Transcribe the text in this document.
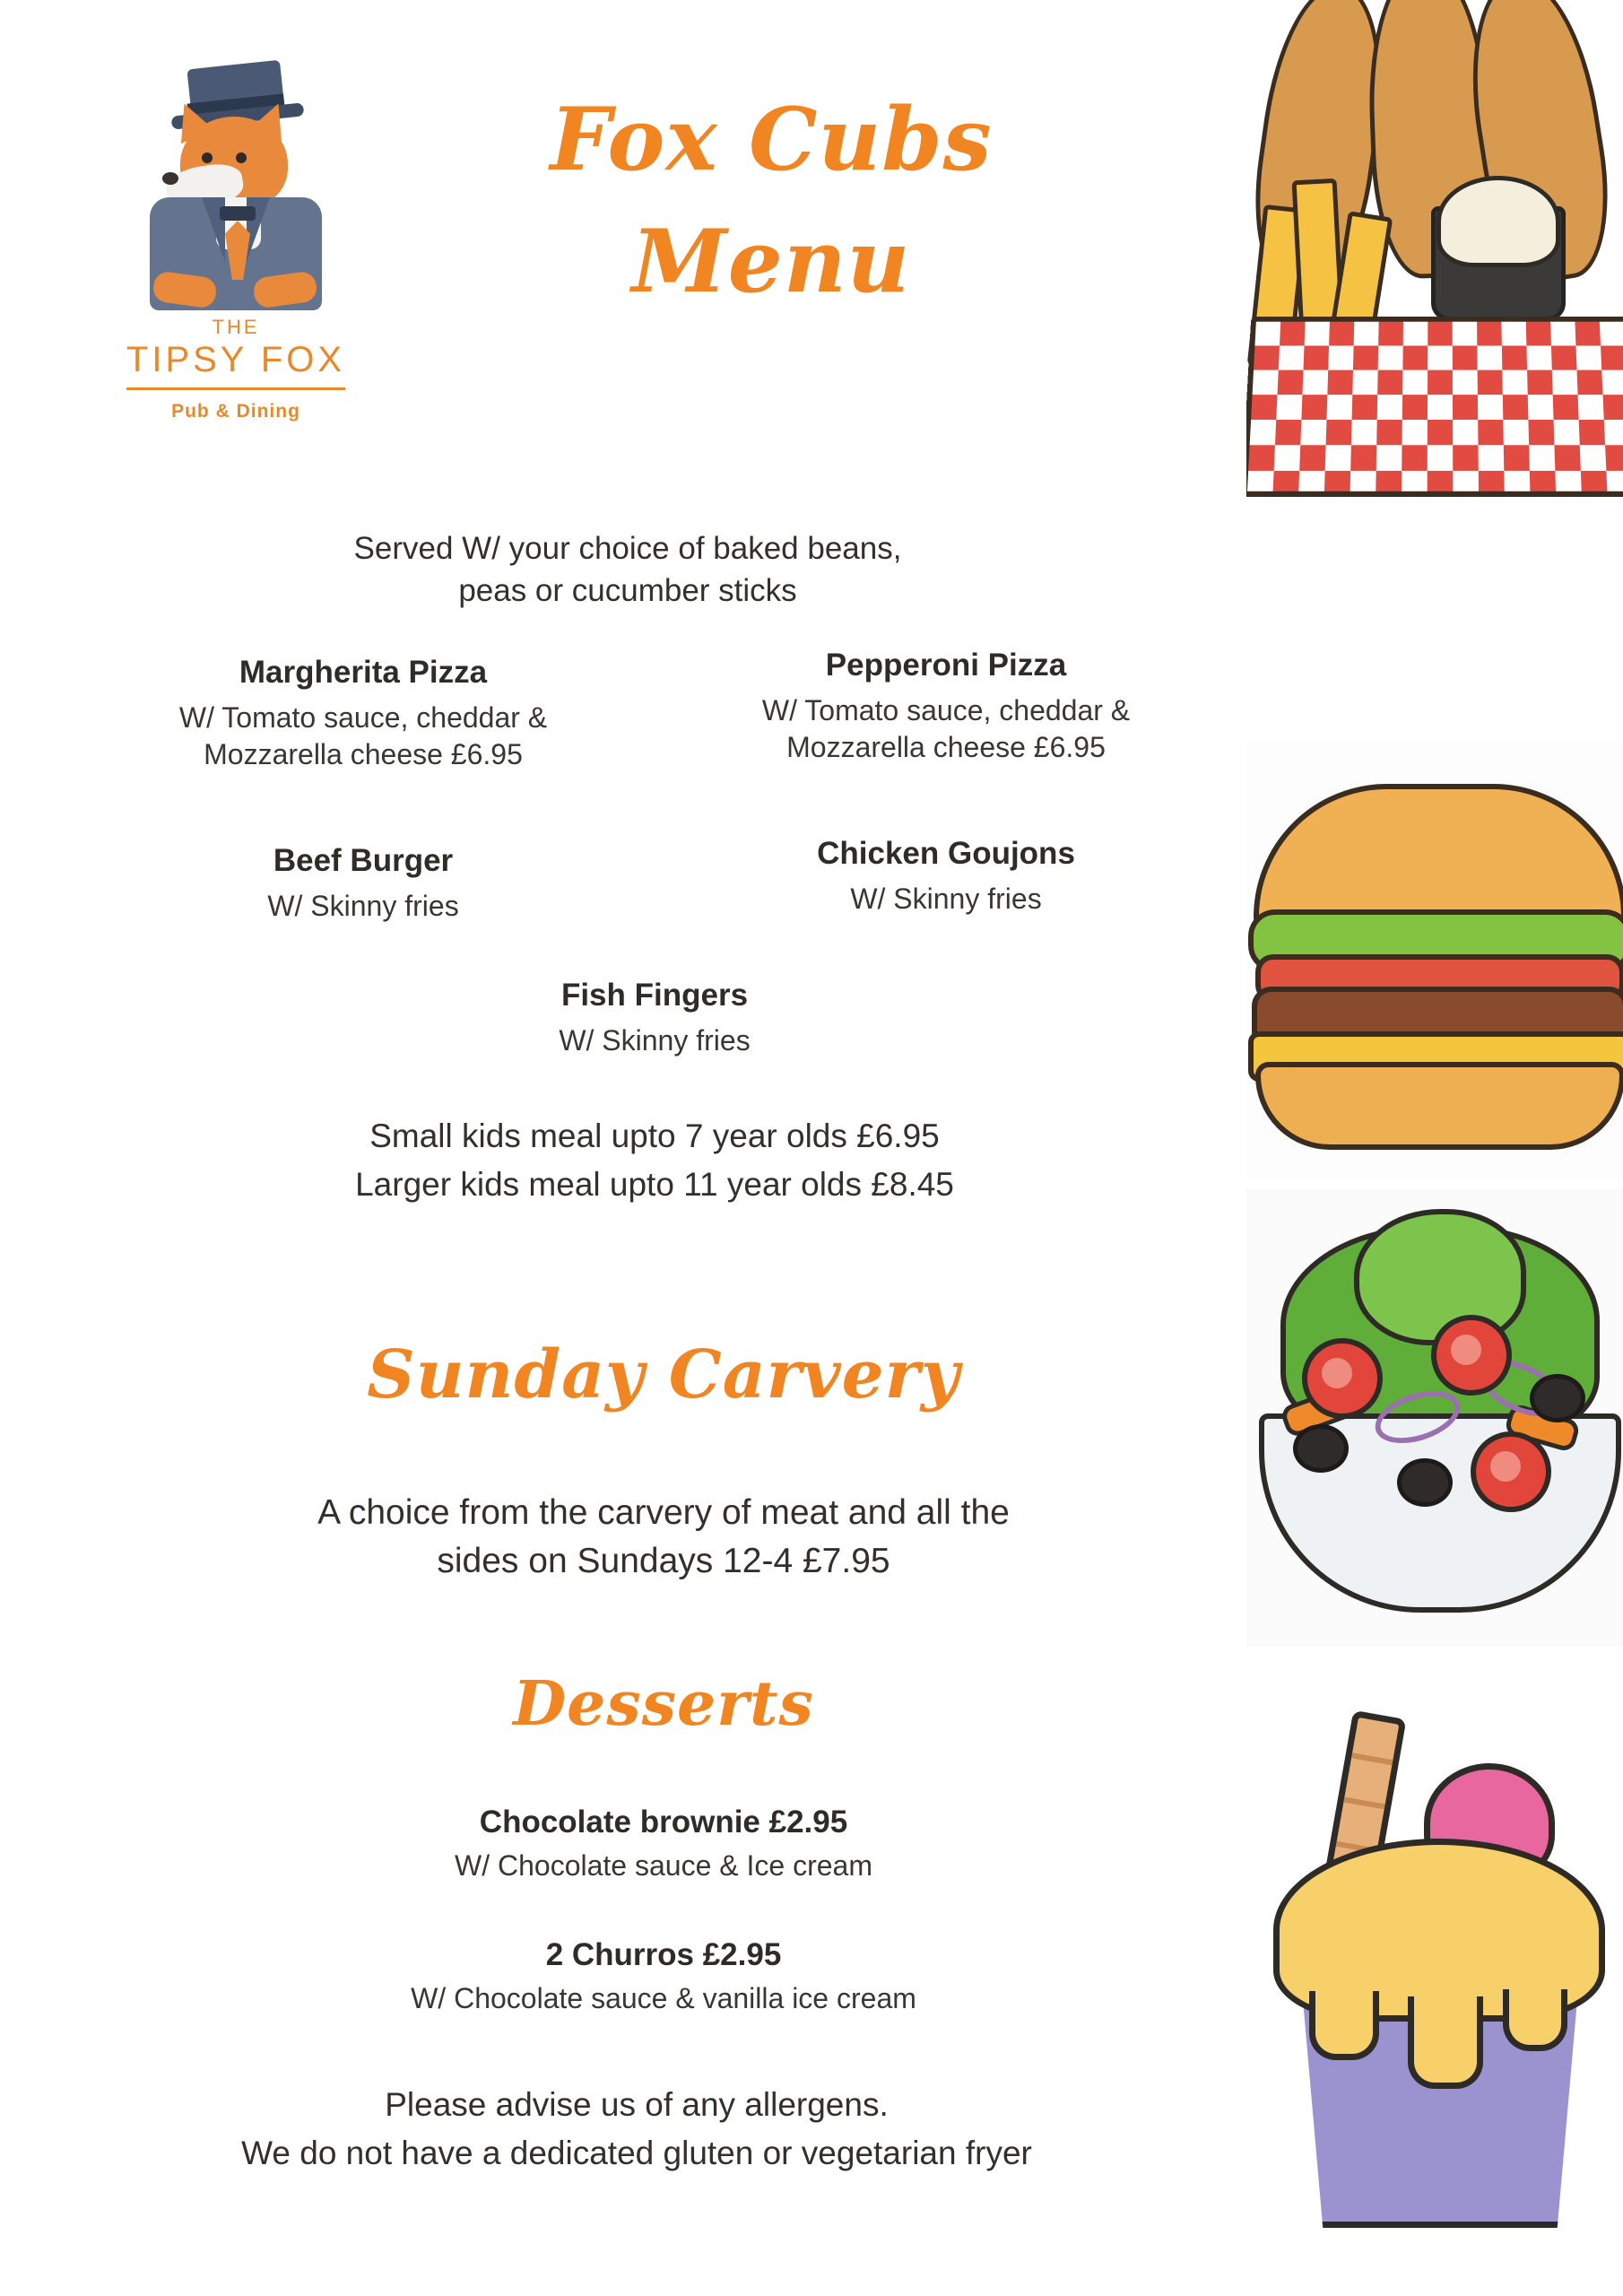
THE
TIPSY FOX
Pub & Dining
Fox Cubs
Menu
Served W/ your choice of baked beans,
peas or cucumber sticks
Margherita Pizza
W/ Tomato sauce, cheddar &
Mozzarella cheese £6.95
Pepperoni Pizza
W/ Tomato sauce, cheddar &
Mozzarella cheese £6.95
Beef Burger
W/ Skinny fries
Chicken Goujons
W/ Skinny fries
Fish Fingers
W/ Skinny fries
Small kids meal upto 7 year olds £6.95
Larger kids meal upto 11 year olds £8.45
Sunday Carvery
A choice from the carvery of meat and all the
sides on Sundays 12-4 £7.95
Desserts
Chocolate brownie £2.95
W/ Chocolate sauce & Ice cream
2 Churros £2.95
W/ Chocolate sauce & vanilla ice cream
Please advise us of any allergens.
We do not have a dedicated gluten or vegetarian fryer
